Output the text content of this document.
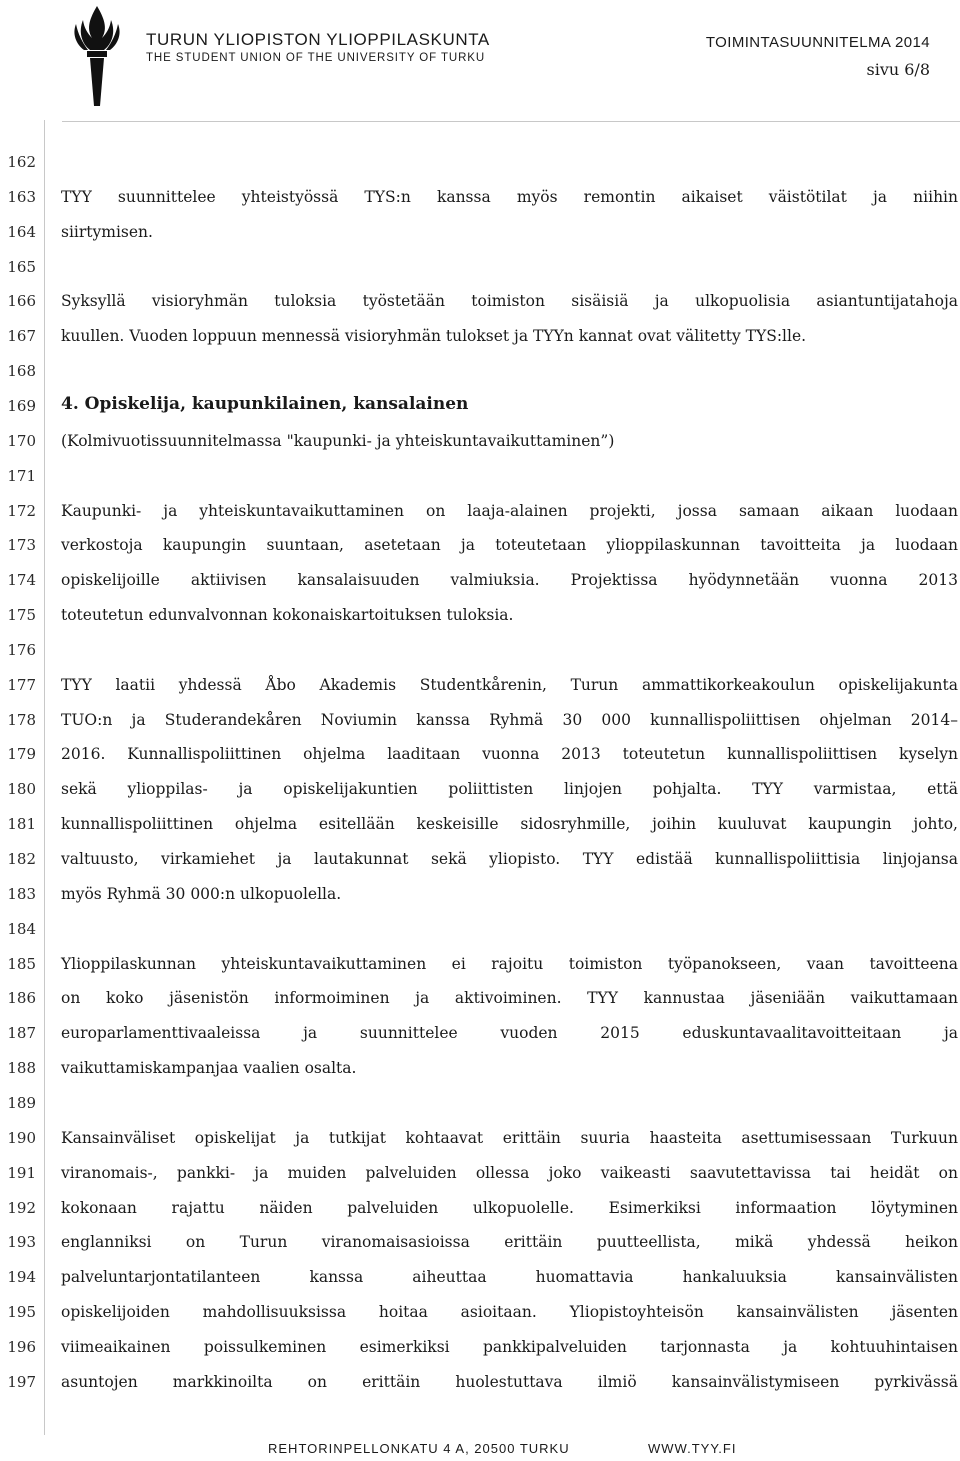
TURUN YLIOPISTON YLIOPPILASKUNTA
THE STUDENT UNION OF THE UNIVERSITY OF TURKU
TOIMINTASUUNNITELMA 2014
sivu 6/8
162
163
164
165
166
167
168
169
170
171
172
173
174
175
176
177
178
179
180
181
182
183
184
185
186
187
188
189
190
191
192
193
194
195
196
197
TYY suunnittelee yhteistyössä TYS:n kanssa myös remontin aikaiset väistötilat ja niihin
siirtymisen.
Syksyllä visioryhmän tuloksia työstetään toimiston sisäisiä ja ulkopuolisia asiantuntijatahoja
kuullen. Vuoden loppuun mennessä visioryhmän tulokset ja TYYn kannat ovat välitetty TYS:lle.
4. Opiskelija, kaupunkilainen, kansalainen
(Kolmivuotissuunnitelmassa "kaupunki- ja yhteiskuntavaikuttaminen”)
Kaupunki- ja yhteiskuntavaikuttaminen on laaja-alainen projekti, jossa samaan aikaan luodaan
verkostoja kaupungin suuntaan, asetetaan ja toteutetaan ylioppilaskunnan tavoitteita ja luodaan
opiskelijoille aktiivisen kansalaisuuden valmiuksia. Projektissa hyödynnetään vuonna 2013
toteutetun edunvalvonnan kokonaiskartoituksen tuloksia.
TYY laatii yhdessä Åbo Akademis Studentkårenin, Turun ammattikorkeakoulun opiskelijakunta
TUO:n ja Studerandekåren Noviumin kanssa Ryhmä 30 000 kunnallispoliittisen ohjelman 2014–
2016. Kunnallispoliittinen ohjelma laaditaan vuonna 2013 toteutetun kunnallispoliittisen kyselyn
sekä ylioppilas- ja opiskelijakuntien poliittisten linjojen pohjalta. TYY varmistaa, että
kunnallispoliittinen ohjelma esitellään keskeisille sidosryhmille, joihin kuuluvat kaupungin johto,
valtuusto, virkamiehet ja lautakunnat sekä yliopisto. TYY edistää kunnallispoliittisia linjojansa
myös Ryhmä 30 000:n ulkopuolella.
Ylioppilaskunnan yhteiskuntavaikuttaminen ei rajoitu toimiston työpanokseen, vaan tavoitteena
on koko jäsenistön informoiminen ja aktivoiminen. TYY kannustaa jäseniään vaikuttamaan
europarlamenttivaaleissa ja suunnittelee vuoden 2015 eduskuntavaalitavoitteitaan ja
vaikuttamiskampanjaa vaalien osalta.
Kansainväliset opiskelijat ja tutkijat kohtaavat erittäin suuria haasteita asettumisessaan Turkuun
viranomais-, pankki- ja muiden palveluiden ollessa joko vaikeasti saavutettavissa tai heidät on
kokonaan rajattu näiden palveluiden ulkopuolelle. Esimerkiksi informaation löytyminen
englanniksi on Turun viranomaisasioissa erittäin puutteellista, mikä yhdessä heikon
palveluntarjontatilanteen kanssa aiheuttaa huomattavia hankaluuksia kansainvälisten
opiskelijoiden mahdollisuuksissa hoitaa asioitaan. Yliopistoyhteisön kansainvälisten jäsenten
viimeaikainen poissulkeminen esimerkiksi pankkipalveluiden tarjonnasta ja kohtuuhintaisen
asuntojen markkinoilta on erittäin huolestuttava ilmiö kansainvälistymiseen pyrkivässä
REHTORINPELLONKATU 4 A, 20500 TURKU	WWW.TYY.FI
